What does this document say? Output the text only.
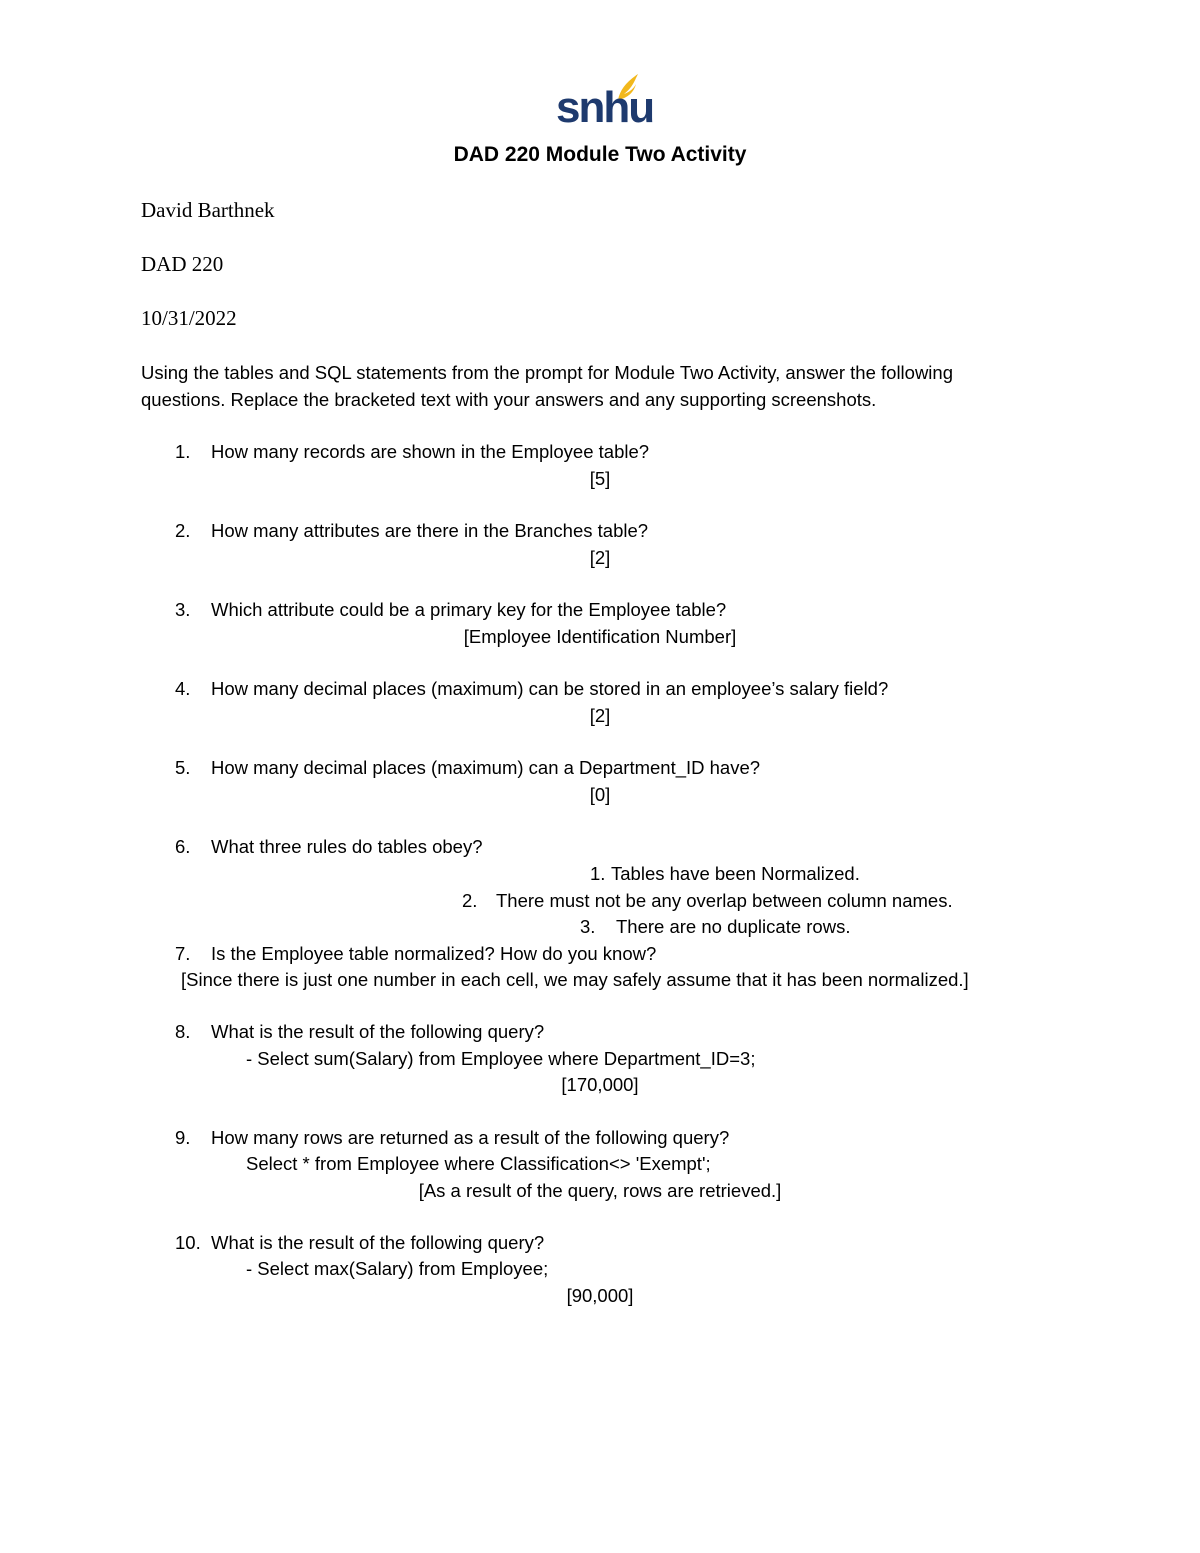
snhu
DAD 220 Module Two Activity
David Barthnek
DAD 220
10/31/2022
Using the tables and SQL statements from the prompt for Module Two Activity, answer the following
questions. Replace the bracketed text with your answers and any supporting screenshots.
1. How many records are shown in the Employee table?
[5]
2. How many attributes are there in the Branches table?
[2]
3. Which attribute could be a primary key for the Employee table?
[Employee Identification Number]
4. How many decimal places (maximum) can be stored in an employee’s salary field?
[2]
5. How many decimal places (maximum) can a Department_ID have?
[0]
6. What three rules do tables obey?
1. Tables have been Normalized.
2. There must not be any overlap between column names.
3. There are no duplicate rows.
7. Is the Employee table normalized? How do you know?
[Since there is just one number in each cell, we may safely assume that it has been normalized.]
8. What is the result of the following query?
- Select sum(Salary) from Employee where Department_ID=3;
[170,000]
9. How many rows are returned as a result of the following query?
Select * from Employee where Classification<> 'Exempt';
[As a result of the query, rows are retrieved.]
10. What is the result of the following query?
- Select max(Salary) from Employee;
[90,000]
